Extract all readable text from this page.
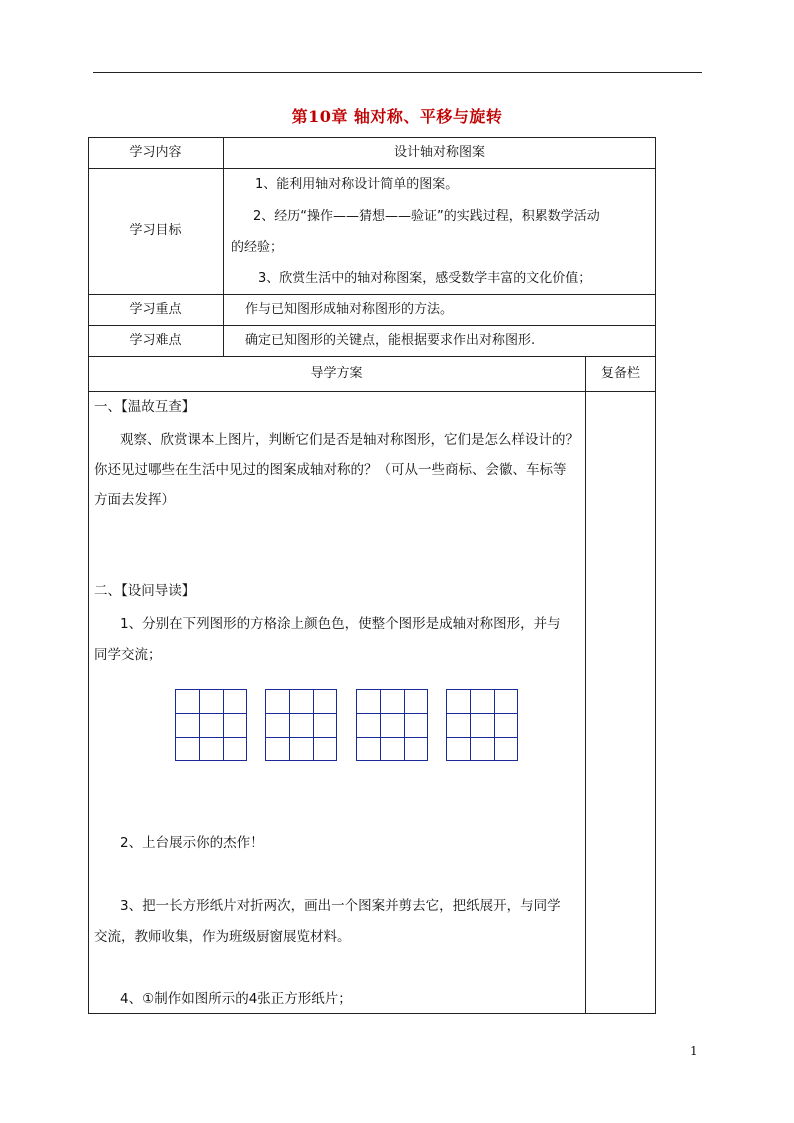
第10章 轴对称、平移与旋转
学习内容	设计轴对称图案
学习目标
1、能利用轴对称设计简单的图案。
2、经历“操作——猜想——验证”的实践过程，积累数学活动
的经验；
3、欣赏生活中的轴对称图案，感受数学丰富的文化价值；
学习重点	作与已知图形成轴对称图形的方法。
学习难点	确定已知图形的关键点，能根据要求作出对称图形.
导学方案	复备栏
一、【温故互查】
观察、欣赏课本上图片，判断它们是否是轴对称图形，它们是怎么样设计的？
你还见过哪些在生活中见过的图案成轴对称的？（可从一些商标、会徽、车标等
方面去发挥）
二、【设问导读】
1、分别在下列图形的方格涂上颜色色，使整个图形是成轴对称图形，并与
同学交流；
2、上台展示你的杰作！
3、把一长方形纸片对折两次，画出一个图案并剪去它，把纸展开，与同学
交流，教师收集，作为班级厨窗展览材料。
4、①制作如图所示的4张正方形纸片；
1
